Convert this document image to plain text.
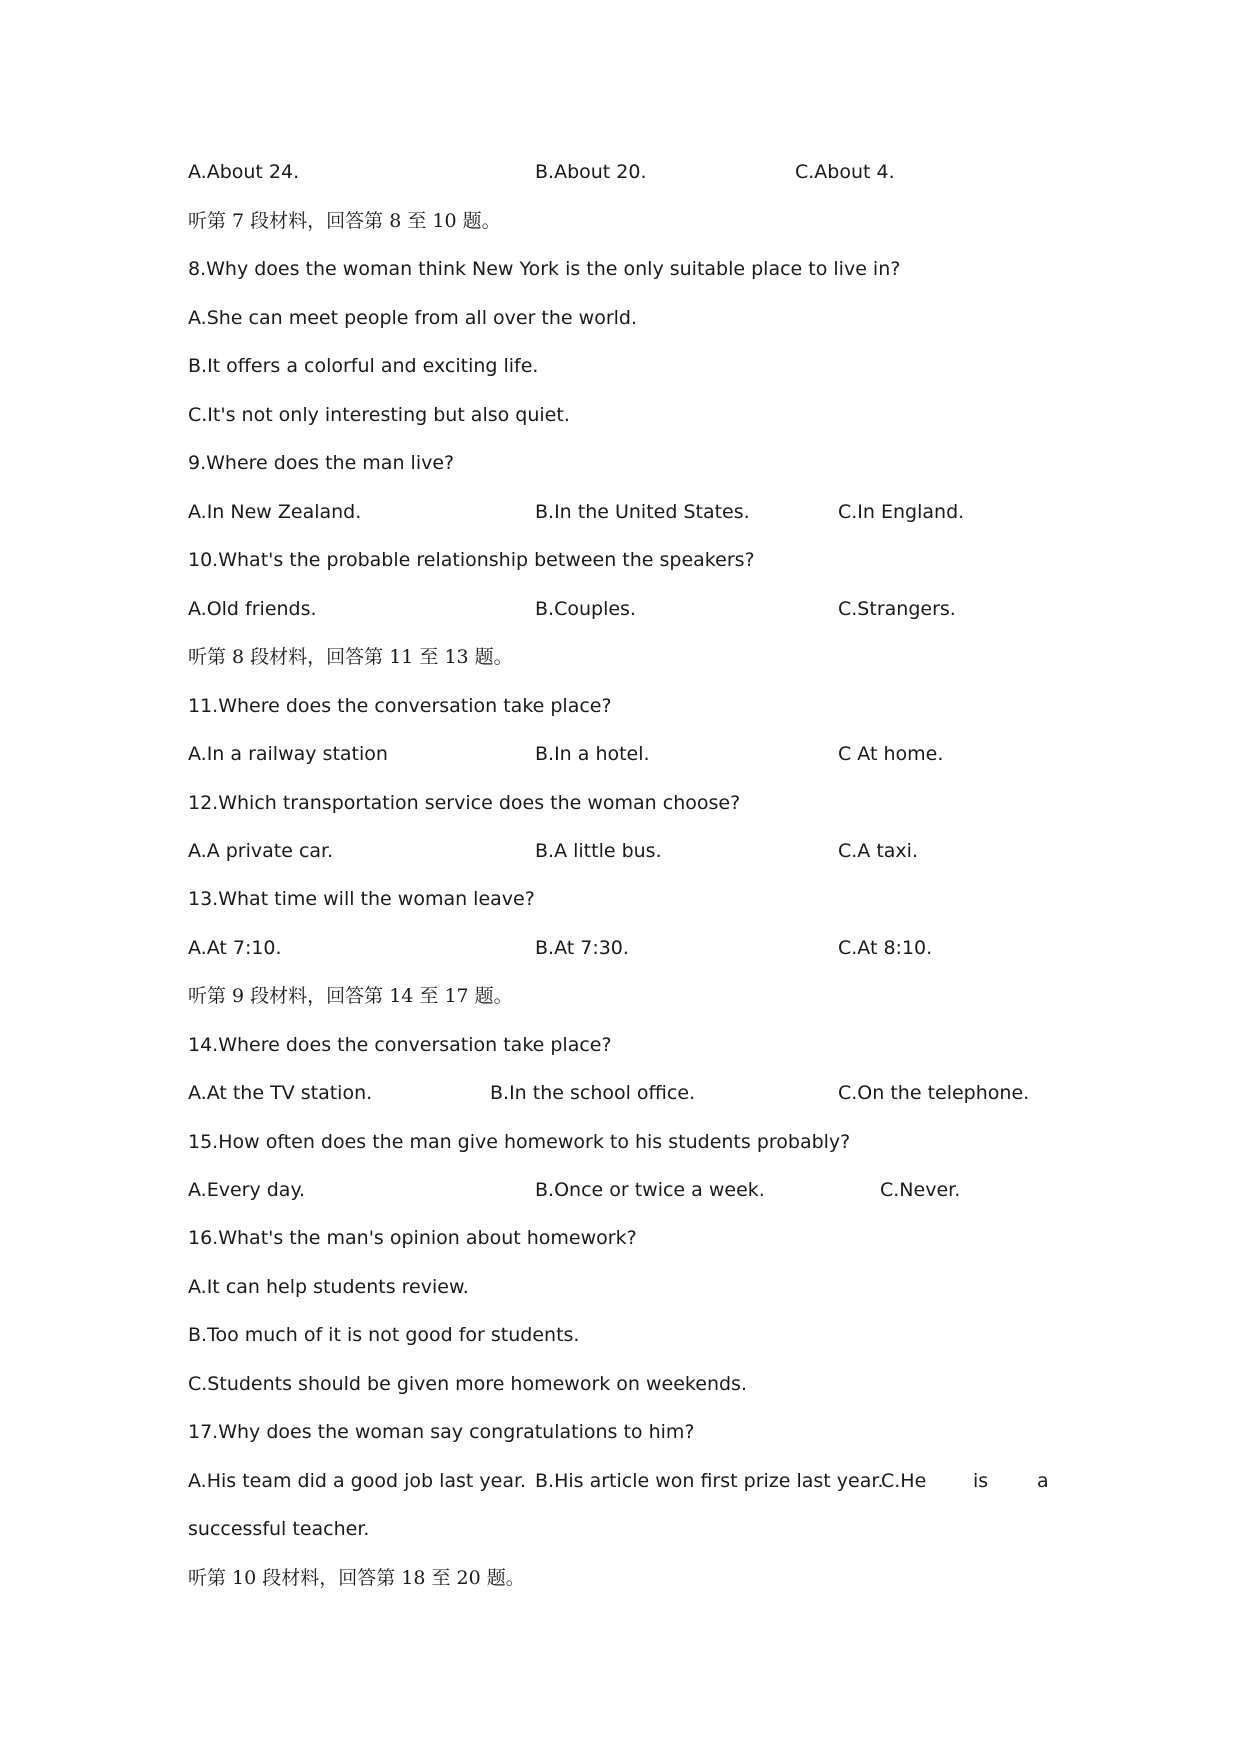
A.About 24.	B.About 20.	C.About 4.
听第 7 段材料，回答第 8 至 10 题。
8.Why does the woman think New York is the only suitable place to live in?
A.She can meet people from all over the world.
B.It offers a colorful and exciting life.
C.It's not only interesting but also quiet.
9.Where does the man live?
A.In New Zealand.	B.In the United States.	C.In England.
10.What's the probable relationship between the speakers?
A.Old friends.	B.Couples.	C.Strangers.
听第 8 段材料，回答第 11 至 13 题。
11.Where does the conversation take place?
A.In a railway station	B.In a hotel.	C At home.
12.Which transportation service does the woman choose?
A.A private car.	B.A little bus.	C.A taxi.
13.What time will the woman leave?
A.At 7:10.	B.At 7:30.	C.At 8:10.
听第 9 段材料，回答第 14 至 17 题。
14.Where does the conversation take place?
A.At the TV station.	B.In the school office.	C.On the telephone.
15.How often does the man give homework to his students probably?
A.Every day.	B.Once or twice a week.	C.Never.
16.What's the man's opinion about homework?
A.It can help students review.
B.Too much of it is not good for students.
C.Students should be given more homework on weekends.
17.Why does the woman say congratulations to him?
A.His team did a good job last year. B.His article won first prize last year.
C.He is	a
successful teacher.
听第 10 段材料，回答第 18 至 20 题。
